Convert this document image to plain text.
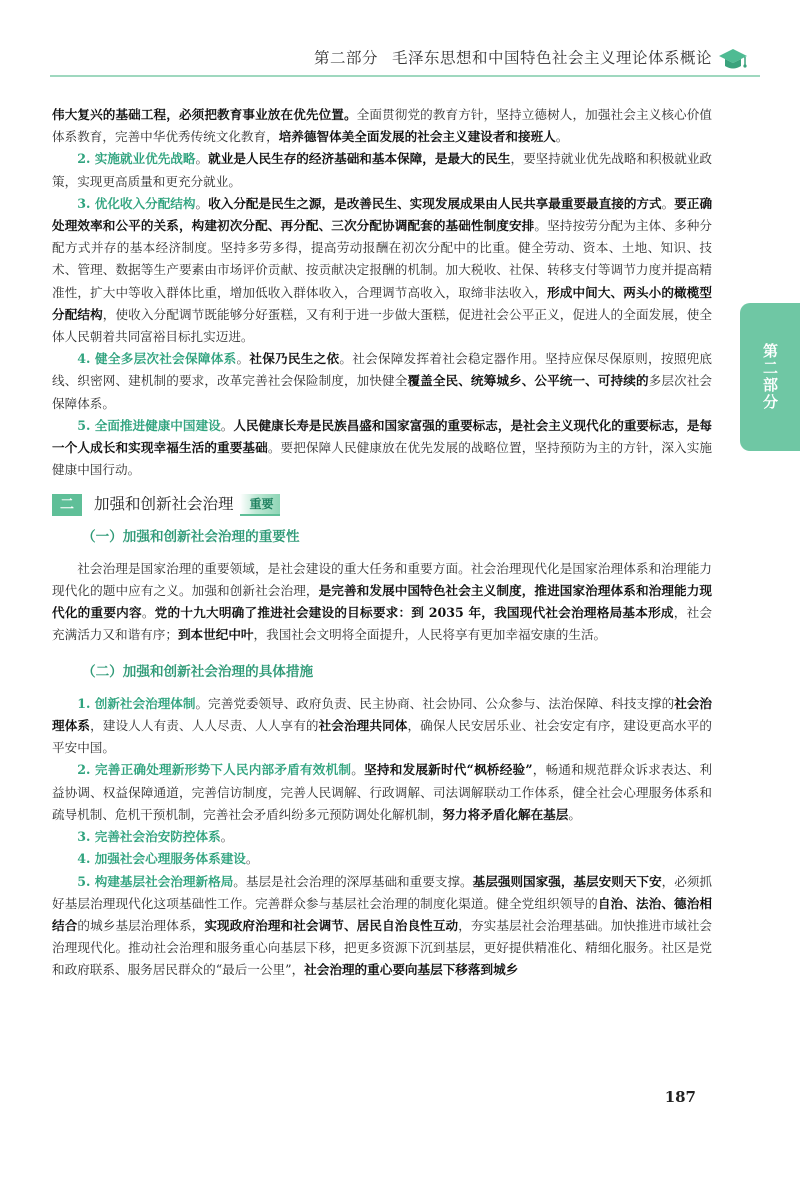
第二部分 毛泽东思想和中国特色社会主义理论体系概论
第二部分

伟大复兴的基础工程，必须把教育事业放在优先位置。全面贯彻党的教育方针，坚持立德树人，加强社会主义核心价值体系教育，完善中华优秀传统文化教育，培养德智体美全面发展的社会主义建设者和接班人。

2. 实施就业优先战略。就业是人民生存的经济基础和基本保障，是最大的民生，要坚持就业优先战略和积极就业政策，实现更高质量和更充分就业。

3. 优化收入分配结构。收入分配是民生之源，是改善民生、实现发展成果由人民共享最重要最直接的方式。要正确处理效率和公平的关系，构建初次分配、再分配、三次分配协调配套的基础性制度安排。坚持按劳分配为主体、多种分配方式并存的基本经济制度。坚持多劳多得，提高劳动报酬在初次分配中的比重。健全劳动、资本、土地、知识、技术、管理、数据等生产要素由市场评价贡献、按贡献决定报酬的机制。加大税收、社保、转移支付等调节力度并提高精准性，扩大中等收入群体比重，增加低收入群体收入，合理调节高收入，取缔非法收入，形成中间大、两头小的橄榄型分配结构，使收入分配调节既能够分好蛋糕，又有利于进一步做大蛋糕，促进社会公平正义，促进人的全面发展，使全体人民朝着共同富裕目标扎实迈进。

4. 健全多层次社会保障体系。社保乃民生之依。社会保障发挥着社会稳定器作用。坚持应保尽保原则，按照兜底线、织密网、建机制的要求，改革完善社会保险制度，加快健全覆盖全民、统筹城乡、公平统一、可持续的多层次社会保障体系。

5. 全面推进健康中国建设。人民健康长寿是民族昌盛和国家富强的重要标志，是社会主义现代化的重要标志，是每一个人成长和实现幸福生活的重要基础。要把保障人民健康放在优先发展的战略位置，坚持预防为主的方针，深入实施健康中国行动。

二	加强和创新社会治理	重要
（一）加强和创新社会治理的重要性

社会治理是国家治理的重要领域，是社会建设的重大任务和重要方面。社会治理现代化是国家治理体系和治理能力现代化的题中应有之义。加强和创新社会治理，是完善和发展中国特色社会主义制度，推进国家治理体系和治理能力现代化的重要内容。党的十九大明确了推进社会建设的目标要求：到 2035 年，我国现代社会治理格局基本形成，社会充满活力又和谐有序；到本世纪中叶，我国社会文明将全面提升，人民将享有更加幸福安康的生活。

（二）加强和创新社会治理的具体措施

1. 创新社会治理体制。完善党委领导、政府负责、民主协商、社会协同、公众参与、法治保障、科技支撑的社会治理体系，建设人人有责、人人尽责、人人享有的社会治理共同体，确保人民安居乐业、社会安定有序，建设更高水平的平安中国。

2. 完善正确处理新形势下人民内部矛盾有效机制。坚持和发展新时代“枫桥经验”，畅通和规范群众诉求表达、利益协调、权益保障通道，完善信访制度，完善人民调解、行政调解、司法调解联动工作体系，健全社会心理服务体系和疏导机制、危机干预机制，完善社会矛盾纠纷多元预防调处化解机制，努力将矛盾化解在基层。

3. 完善社会治安防控体系。

4. 加强社会心理服务体系建设。

5. 构建基层社会治理新格局。基层是社会治理的深厚基础和重要支撑。基层强则国家强，基层安则天下安，必须抓好基层治理现代化这项基础性工作。完善群众参与基层社会治理的制度化渠道。健全党组织领导的自治、法治、德治相结合的城乡基层治理体系，实现政府治理和社会调节、居民自治良性互动，夯实基层社会治理基础。加快推进市域社会治理现代化。推动社会治理和服务重心向基层下移，把更多资源下沉到基层，更好提供精准化、精细化服务。社区是党和政府联系、服务居民群众的“最后一公里”，社会治理的重心要向基层下移落到城乡

187
